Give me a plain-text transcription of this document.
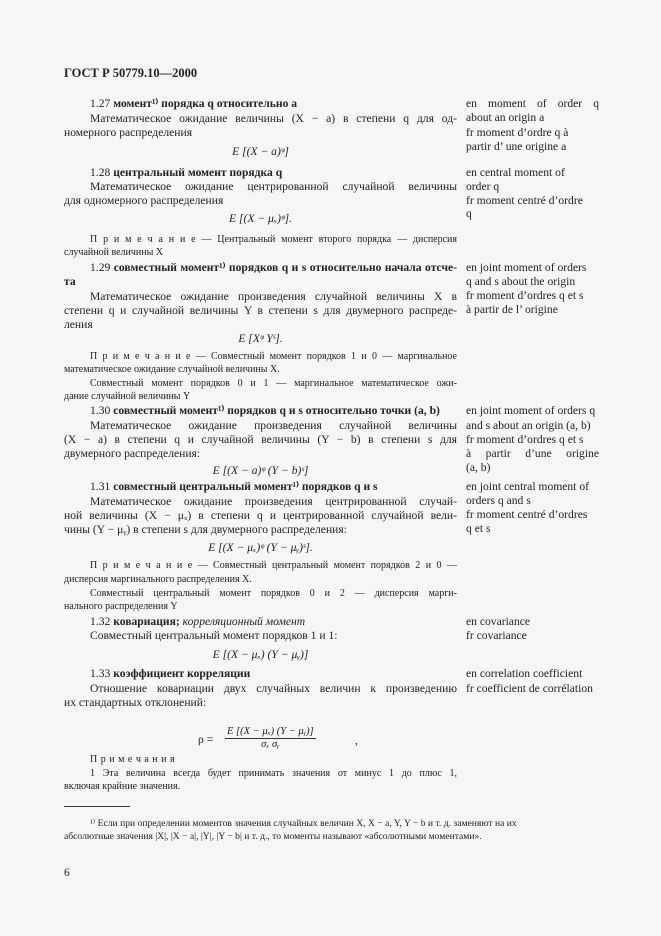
ГОСТ Р 50779.10—2000
1.27 момент¹⁾ порядка q относительно a
Математическое ожидание величины (X − a) в степени q для од-
номерного распределения
E [(X − a)ᵠ]
en moment of order q
about an origin a
fr moment d’ordre q à
partir d’ une origine a
1.28 центральный момент порядка q
Математическое ожидание центрированной случайной величины
для одномерного распределения
E [(X − μₓ)ᵠ].
П р и м е ч а н и е — Центральный момент второго порядка — дисперсия
случайной величины X
en central moment of
order q
fr moment centré d’ordre
q
1.29 совместный момент¹⁾ порядков q и s относительно начала отсче-
та
Математическое ожидание произведения случайной величины X в
степени q и случайной величины Y в степени s для двумерного распреде-
ления
E [Xᵠ Yˢ].
П р и м е ч а н и е — Совместный момент порядков 1 и 0 — маргинальное
математическое ожидание случайной величины X.
Совместный момент порядков 0 и 1 — маргинальное математическое ожи-
дание случайной величины Y
en joint moment of orders
q and s about the origin
fr moment d’ordres q et s
à partir de l’ origine
1.30 совместный момент¹⁾ порядков q и s относительно точки (a, b)
Математическое ожидание произведения случайной величины
(X − a) в степени q и случайной величины (Y − b) в степени s для
двумерного распределения:
E [(X − a)ᵠ (Y − b)ˢ]
en joint moment of orders q
and s about an origin (a, b)
fr moment d’ordres q et s
à partir d’une origine
(a, b)
1.31 совместный центральный момент¹⁾ порядков q и s
Математическое ожидание произведения центрированной случай-
ной величины (X − μₓ) в степени q и центрированной случайной вели-
чины (Y − μᵧ) в степени s для двумерного распределения:
E [(X − μₓ)ᵠ (Y − μᵧ)ˢ].
П р и м е ч а н и е — Совместный центральный момент порядков 2 и 0 —
дисперсия маргинального распределения X.
Совместный центральный момент порядков 0 и 2 — дисперсия марги-
нального распределения Y
en joint central moment of
orders q and s
fr moment centré d’ordres
q et s
1.32 ковариация; корреляционный момент
Совместный центральный момент порядков 1 и 1:
E [(X − μₓ) (Y − μᵧ)]
en covariance
fr covariance
1.33 коэффициент корреляции
Отношение ковариации двух случайных величин к произведению
их стандартных отклонений:
ρ =	$\frac{\text{E [(X − μₓ) (Y − μᵧ)]}}{\text{σₓ σᵧ}}$	,
П р и м е ч а н и я
1 Эта величина всегда будет принимать значения от минус 1 до плюс 1,
включая крайние значения.
en correlation coefficient
fr coefficient de corrélation
¹⁾ Если при определении моментов значения случайных величин X, X − a, Y, Y − b и т. д. заменяют на их
абсолютные значения |X|, |X − a|, |Y|, |Y − b| и т. д., то моменты называют «абсолютными моментами».
6
